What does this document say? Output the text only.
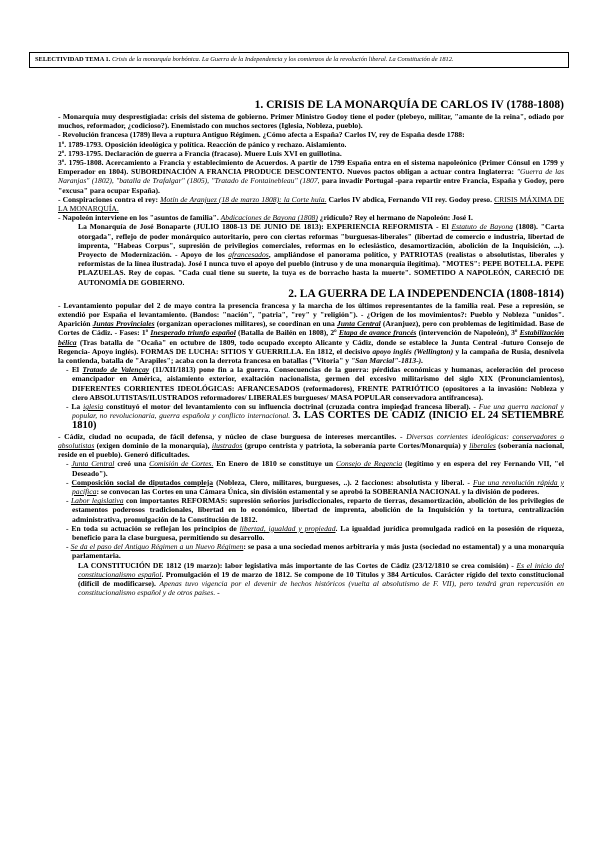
SELECTIVIDAD TEMA 1. Crisis de la monarquía borbónica. La Guerra de la Independencia y los comienzos de la revolución liberal. La Constitución de 1812.

1. CRISIS DE LA MONARQUÍA DE CARLOS IV (1788-1808)

- Monarquía muy desprestigiada: crisis del sistema de gobierno. Primer Ministro Godoy tiene el poder (plebeyo, militar, "amante de la reina", odiado por muchos, reformador, ¿codicioso?). Enemistado con muchos sectores (Iglesia, Nobleza, pueblo).

- Revolución francesa (1789) lleva a ruptura Antiguo Régimen. ¿Cómo afecta a España? Carlos IV, rey de España desde 1788:

1º. 1789-1793. Oposición ideológica y política. Reacción de pánico y rechazo. Aislamiento.

2º. 1793-1795. Declaración de guerra a Francia (fracaso). Muere Luis XVI en guillotina.

3º. 1795-1808. Acercamiento a Francia y establecimiento de Acuerdos. A partir de 1799 España entra en el sistema napoleónico (Primer Cónsul en 1799 y Emperador en 1804). SUBORDINACIÓN A FRANCIA PRODUCE DESCONTENTO. Nuevos pactos obligan a actuar contra Inglaterra: "Guerra de las Naranjas" (1802), "batalla de Trafalgar" (1805), "Tratado de Fontainebleau" (1807, para invadir Portugal -para repartir entre Francia, España y Godoy, pero "excusa" para ocupar España).

- Conspiraciones contra el rey: Motín de Aranjuez (18 de marzo 1808): la Corte huía. Carlos IV abdica, Fernando VII rey. Godoy preso. CRISIS MÁXIMA DE LA MONARQUÍA.

- Napoleón interviene en los "asuntos de familia". Abdicaciones de Bayona (1808) ¿ridículo? Rey el hermano de Napoleón: José I.

La Monarquía de José Bonaparte (JULIO 1808-13 DE JUNIO DE 1813): EXPERIENCIA REFORMISTA - El Estatuto de Bayona (1808). "Carta otorgada", reflejo de poder monárquico autoritario, pero con ciertas reformas "burguesas-liberales" (libertad de comercio e industria, libertad de imprenta, "Habeas Corpus", supresión de privilegios comerciales, reformas en lo eclesiástico, desamortización, abolición de la Inquisición, ...). Proyecto de Modernización. - Apoyo de los afrancesados, ampliándose el panorama político, y PATRIOTAS (realistas o absolutistas, liberales y reformistas de la línea ilustrada). José I nunca tuvo el apoyo del pueblo (intruso y de una monarquía ilegítima). "MOTES": PEPE BOTELLA. PEPE PLAZUELAS. Rey de copas. "Cada cual tiene su suerte, la tuya es de borracho hasta la muerte". SOMETIDO A NAPOLEÓN, CARECIÓ DE AUTONOMÍA DE GOBIERNO.

2. LA GUERRA DE LA INDEPENDENCIA (1808-1814)

- Levantamiento popular del 2 de mayo contra la presencia francesa y la marcha de los últimos representantes de la familia real. Pese a represión, se extendió por España el levantamiento. (Bandos: "nación", "patria", "rey" y "religión"). - ¿Origen de los movimientos?: Pueblo y Nobleza "unidos". Aparición Juntas Provinciales (organizan operaciones militares), se coordinan en una Junta Central (Aranjuez), pero con problemas de legitimidad. Base de Cortes de Cádiz. - Fases: 1º Inesperado triunfo español (Batalla de Bailén en 1808), 2º Etapa de avance francés (intervención de Napoleón), 3º Estabilización bélica (Tras batalla de "Ocaña" en octubre de 1809, todo ocupado excepto Alicante y Cádiz, donde se establece la Junta Central -futuro Consejo de Regencia- Apoyo inglés). FORMAS DE LUCHA: SITIOS Y GUERRILLA. En 1812, el decisivo apoyo inglés (Wellington) y la campaña de Rusia, desnivela la contienda, batalla de "Arapiles"; acaba con la derrota francesa en batallas ("Vitoria" y "San Marcial"-1813-).

- El Tratado de Valençay (11/XII/1813) pone fin a la guerra. Consecuencias de la guerra: pérdidas económicas y humanas, aceleración del proceso emancipador en América, aislamiento exterior, exaltación nacionalista, germen del excesivo militarismo del siglo XIX (Pronunciamientos), DIFERENTES CORRIENTES IDEOLÓGICAS: AFRANCESADOS (reformadores), FRENTE PATRIÓTICO (opositores a la invasión: Nobleza y clero ABSOLUTISTAS/ILUSTRADOS reformadores/ LIBERALES burgueses/ MASA POPULAR conservadora antifrancesa).

- La iglesia constituyó el motor del levantamiento con su influencia doctrinal (cruzada contra impiedad francesa liberal). - Fue una guerra nacional y popular, no revolucionaria, guerra española y conflicto internacional. 3. LAS CORTES DE CÁDIZ (INICIO EL 24 SETIEMBRE 1810)

- Cádiz, ciudad no ocupada, de fácil defensa, y núcleo de clase burguesa de intereses mercantiles. - Diversas corrientes ideológicas: conservadores o absolutistas (exigen dominio de la monarquía), ilustrados (grupo centrista y patriota, la soberanía parte Cortes/Monarquía) y liberales (soberanía nacional, reside en el pueblo). Generó dificultades.

- Junta Central creó una Comisión de Cortes. En Enero de 1810 se constituye un Consejo de Regencia (legítimo y en espera del rey Fernando VII, "el Deseado").

- Composición social de diputados compleja (Nobleza, Clero, militares, burgueses, ..). 2 facciones: absolutista y liberal. - Fue una revolución rápida y pacífica: se convocan las Cortes en una Cámara Única, sin división estamental y se aprobó la SOBERANÍA NACIONAL y la división de poderes.

- Labor legislativa con importantes REFORMAS: supresión señoríos jurisdiccionales, reparto de tierras, desamortización, abolición de los privilegios de estamentos poderosos tradicionales, libertad en lo económico, libertad de imprenta, abolición de la Inquisición y la tortura, centralización administrativa, promulgación de la Constitución de 1812.

- En toda su actuación se reflejan los principios de libertad, igualdad y propiedad. La igualdad jurídica promulgada radicó en la posesión de riqueza, beneficio para la clase burguesa, permitiendo su desarrollo.

- Se da el paso del Antiguo Régimen a un Nuevo Régimen: se pasa a una sociedad menos arbitraria y más justa (sociedad no estamental) y a una monarquía parlamentaria.

LA CONSTITUCIÓN DE 1812 (19 marzo): labor legislativa más importante de las Cortes de Cádiz (23/12/1810 se crea comisión) - Es el inicio del constitucionalismo español. Promulgación el 19 de marzo de 1812. Se compone de 10 Títulos y 384 Artículos. Carácter rígido del texto constitucional (difícil de modificarse). Apenas tuvo vigencia por el devenir de hechos históricos (vuelta al absolutismo de F. VII), pero tendrá gran repercusión en constitucionalismo español y de otros países. -
